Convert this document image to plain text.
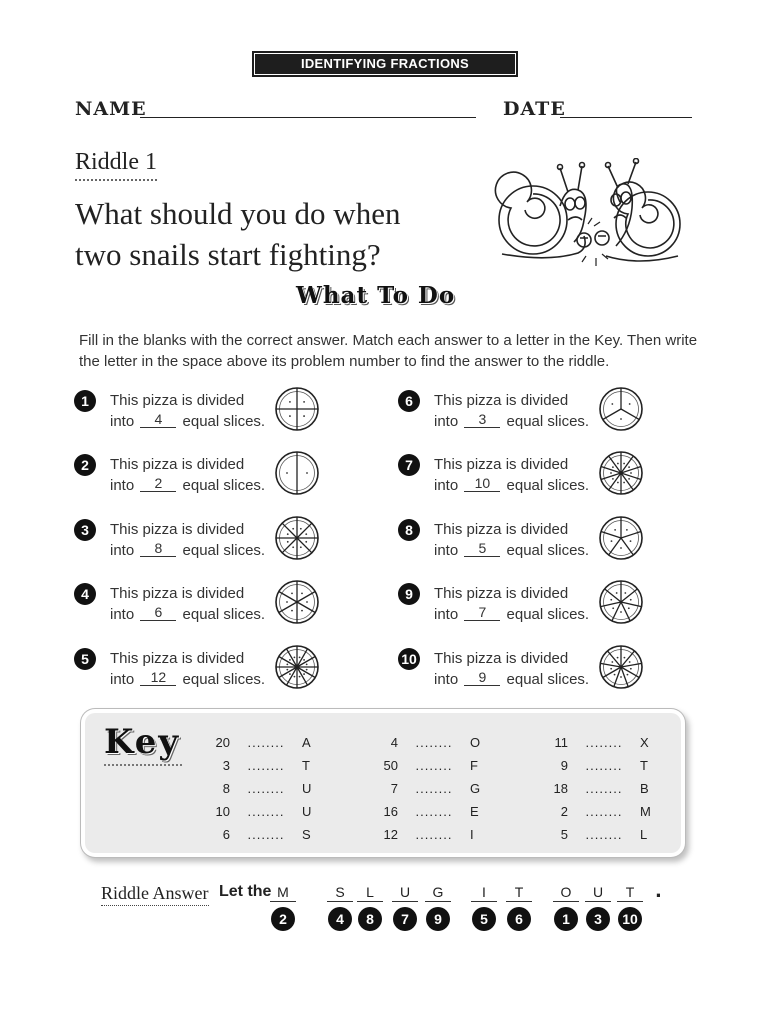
IDENTIFYING FRACTIONS
NAME	DATE
Riddle 1
What should you do when
two snails start fighting?
What To Do
Fill in the blanks with the correct answer. Match each answer to a letter in the Key. Then write the letter in the space above its problem number to find the answer to the riddle.
1	This pizza is divided
into 4 equal slices.
2	This pizza is divided
into 2 equal slices.
3	This pizza is divided
into 8 equal slices.
4	This pizza is divided
into 6 equal slices.
5	This pizza is divided
into 12 equal slices.
6	This pizza is divided
into 3 equal slices.
7	This pizza is divided
into 10 equal slices.
8	This pizza is divided
into 5 equal slices.
9	This pizza is divided
into 7 equal slices.
10 This pizza is divided
into 9 equal slices.
Key	20	........	A
3	........	T
8	........	U
10	........	U
6	........	S
4	........	O
50	........	F
7	........	G
16	........	E
12	........	I
11	........	X
9	........	T
18	........	B
2	........	M
5	........	L
Riddle Answer Let the M
2
S
4
L
8
U
7
G
9
I
5
T
6
O
1
U
3
T
10
.
